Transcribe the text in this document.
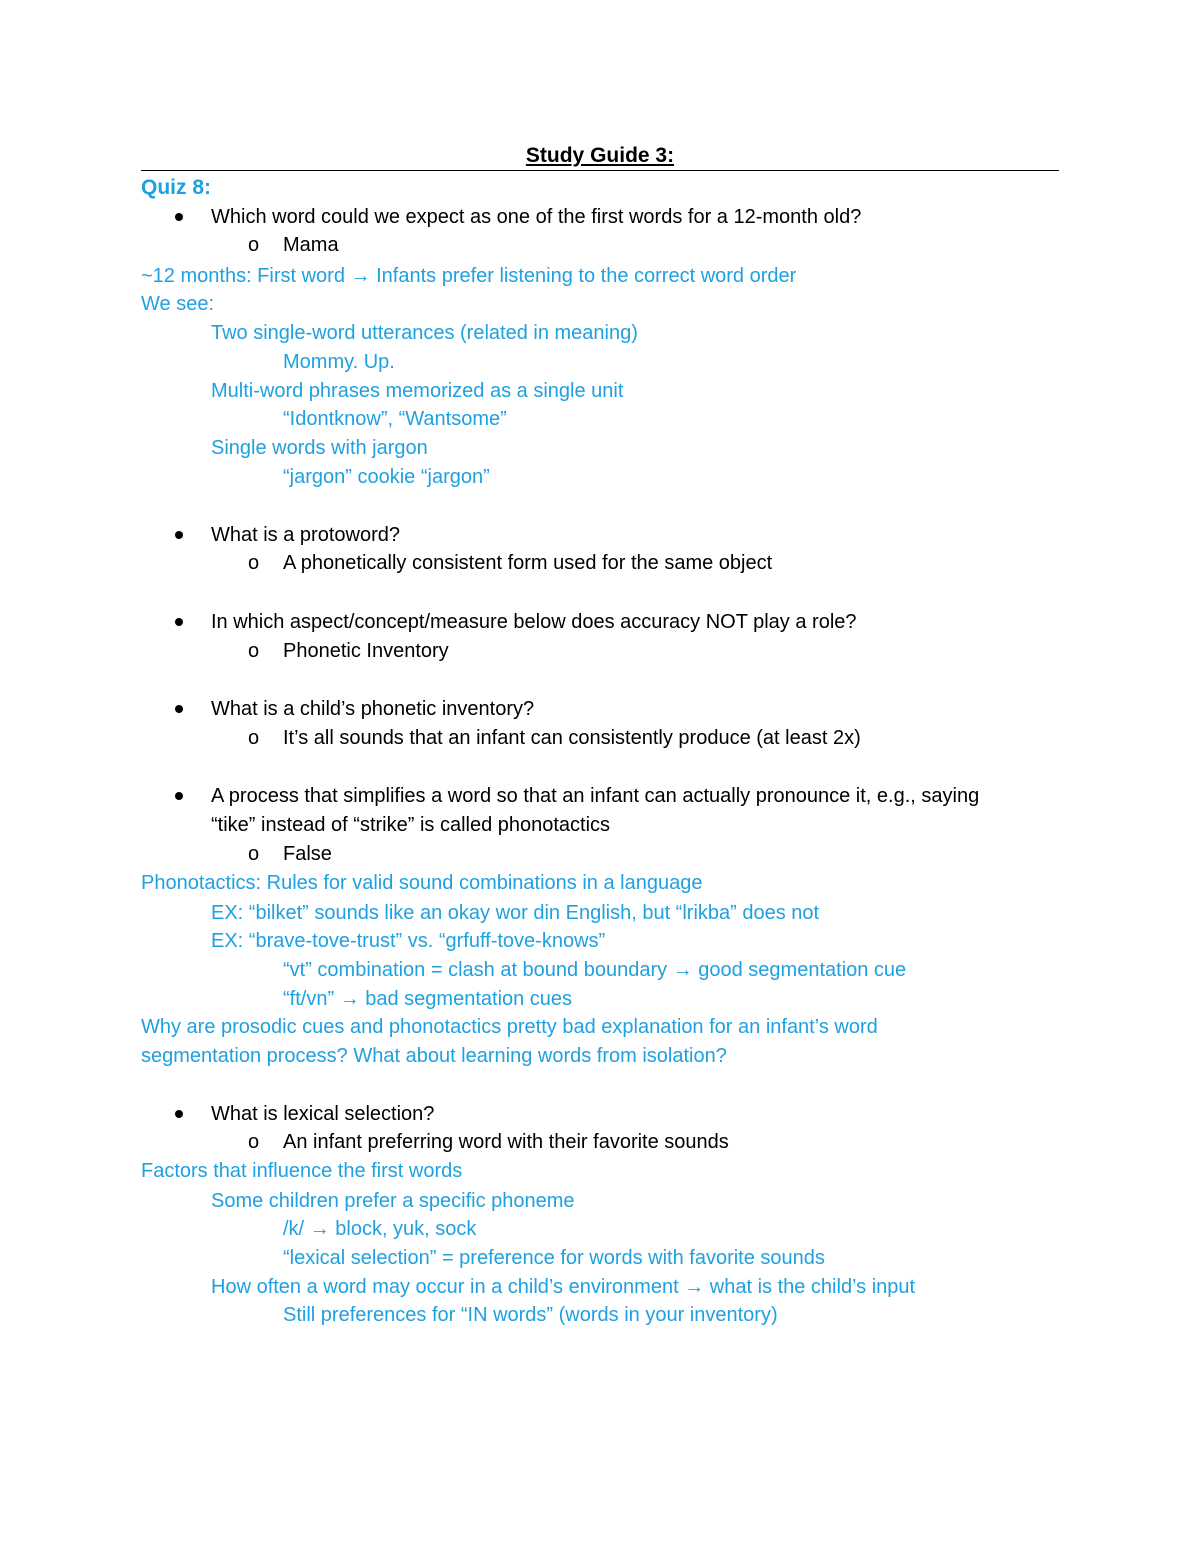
Study Guide 3:
Quiz 8:
Which word could we expect as one of the first words for a 12-month old?
o Mama
~12 months: First word → Infants prefer listening to the correct word order
We see:
Two single-word utterances (related in meaning)
Mommy. Up.
Multi-word phrases memorized as a single unit
“Idontknow”, “Wantsome”
Single words with jargon
“jargon” cookie “jargon”
What is a protoword?
o A phonetically consistent form used for the same object
In which aspect/concept/measure below does accuracy NOT play a role?
o Phonetic Inventory
What is a child’s phonetic inventory?
o It’s all sounds that an infant can consistently produce (at least 2x)
A process that simplifies a word so that an infant can actually pronounce it, e.g., saying
“tike” instead of “strike” is called phonotactics
o False
Phonotactics: Rules for valid sound combinations in a language
EX: “bilket” sounds like an okay wor din English, but “lrikba” does not
EX: “brave-tove-trust” vs. “grfuff-tove-knows”
“vt” combination = clash at bound boundary → good segmentation cue
“ft/vn” → bad segmentation cues
Why are prosodic cues and phonotactics pretty bad explanation for an infant’s word
segmentation process? What about learning words from isolation?
What is lexical selection?
o An infant preferring word with their favorite sounds
Factors that influence the first words
Some children prefer a specific phoneme
/k/ → block, yuk, sock
“lexical selection” = preference for words with favorite sounds
How often a word may occur in a child’s environment → what is the child’s input
Still preferences for “IN words” (words in your inventory)
